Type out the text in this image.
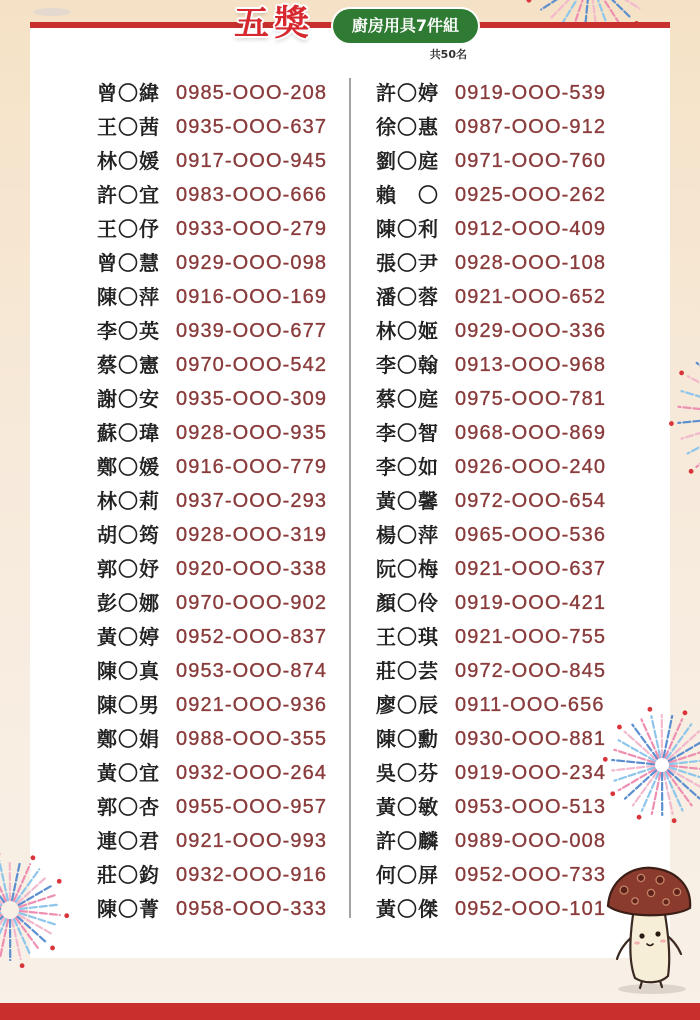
五獎	廚房用具7件組
共50名
曾〇緯 0985-OOO-208
王〇茜 0935-OOO-637
林〇媛 0917-OOO-945
許〇宜 0983-OOO-666
王〇伃 0933-OOO-279
曾〇慧 0929-OOO-098
陳〇萍 0916-OOO-169
李〇英 0939-OOO-677
蔡〇憲 0970-OOO-542
謝〇安 0935-OOO-309
蘇〇瑋 0928-OOO-935
鄭〇媛 0916-OOO-779
林〇莉 0937-OOO-293
胡〇筠 0928-OOO-319
郭〇妤 0920-OOO-338
彭〇娜 0970-OOO-902
黃〇婷 0952-OOO-837
陳〇真 0953-OOO-874
陳〇男 0921-OOO-936
鄭〇娟 0988-OOO-355
黃〇宜 0932-OOO-264
郭〇杏 0955-OOO-957
連〇君 0921-OOO-993
莊〇鈞 0932-OOO-916
陳〇菁 0958-OOO-333
許〇婷 0919-OOO-539
徐〇惠 0987-OOO-912
劉〇庭 0971-OOO-760
賴　〇 0925-OOO-262
陳〇利 0912-OOO-409
張〇尹 0928-OOO-108
潘〇蓉 0921-OOO-652
林〇姬 0929-OOO-336
李〇翰 0913-OOO-968
蔡〇庭 0975-OOO-781
李〇智 0968-OOO-869
李〇如 0926-OOO-240
黃〇馨 0972-OOO-654
楊〇萍 0965-OOO-536
阮〇梅 0921-OOO-637
顏〇伶 0919-OOO-421
王〇琪 0921-OOO-755
莊〇芸 0972-OOO-845
廖〇辰 0911-OOO-656
陳〇勳 0930-OOO-881
吳〇芬 0919-OOO-234
黃〇敏 0953-OOO-513
許〇麟 0989-OOO-008
何〇屏 0952-OOO-733
黃〇傑 0952-OOO-101
